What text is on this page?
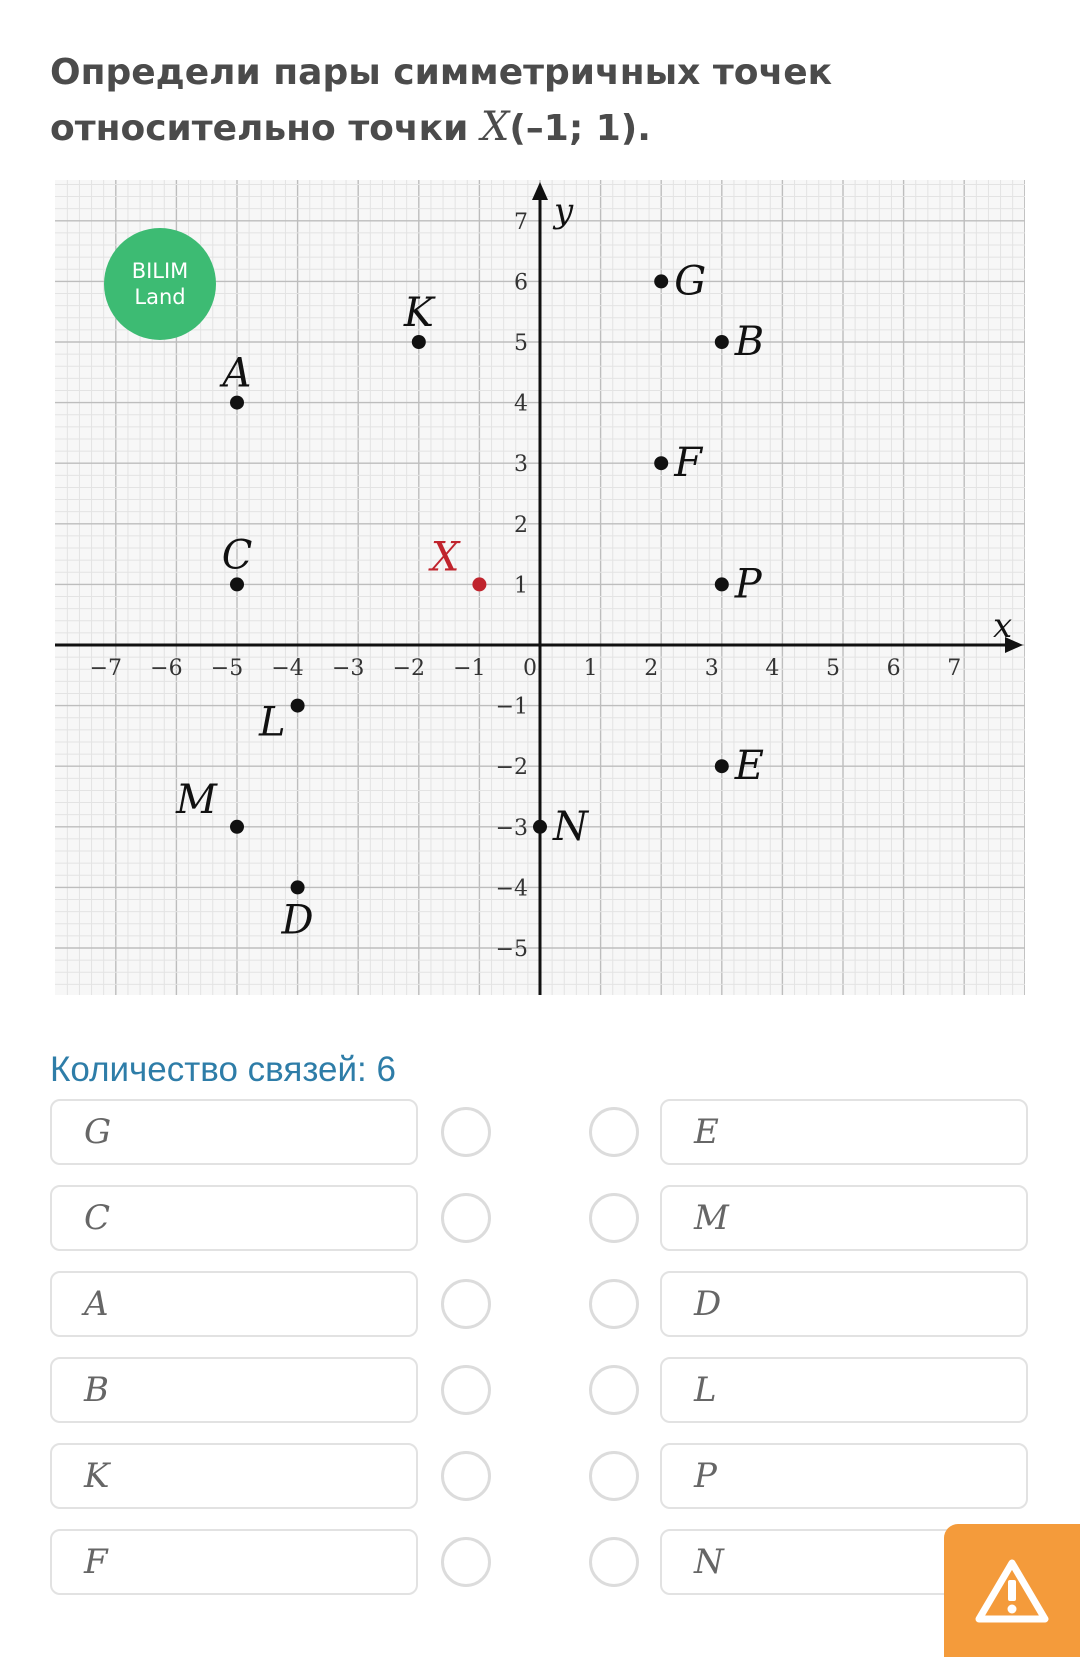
Определи пары симметричных точек
относительно точки X(–1; 1).
x
y
−7 −6 −5 −4 −3 −2 −1 0 1 2 3 4 5 6 7
−5
−4
−3
−2
−1
1
2
3
4
5
6
7
G
B
K
A
F
C	X
P
L
E
M
N
D
BILIM
Land
Количество связей: 6
G
C
A
B
K
F
E
M
D
L
P
N
